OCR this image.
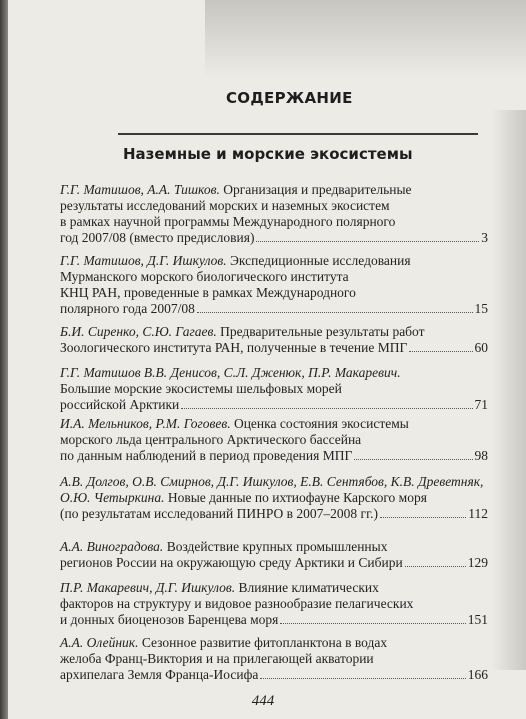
СОДЕРЖАНИЕ
Наземные и морские экосистемы
Г.Г. Матишов, А.А. Тишков. Организация и предварительные
результаты исследований морских и наземных экосистем
в рамках научной программы Международного полярного
год 2007/08 (вместо предисловия)	3
Г.Г. Матишов, Д.Г. Ишкулов. Экспедиционные исследования
Мурманского морского биологического института
КНЦ РАН, проведенные в рамках Международного
полярного года 2007/08	15
Б.И. Сиренко, С.Ю. Гагаев. Предварительные результаты работ
Зоологического института РАН, полученные в течение МПГ	60
Г.Г. Матишов В.В. Денисов, С.Л. Дженюк, П.Р. Макаревич.
Большие морские экосистемы шельфовых морей
российской Арктики	71
И.А. Мельников, Р.М. Гоговев. Оценка состояния экосистемы
морского льда центрального Арктического бассейна
по данным наблюдений в период проведения МПГ	98
А.В. Долгов, О.В. Смирнов, Д.Г. Ишкулов, Е.В. Сентябов, К.В. Древетняк,
О.Ю. Четыркина. Новые данные по ихтиофауне Карского моря
(по результатам исследований ПИНРО в 2007–2008 гг.)	112
А.А. Виноградова. Воздействие крупных промышленных
регионов России на окружающую среду Арктики и Сибири	129
П.Р. Макаревич, Д.Г. Ишкулов. Влияние климатических
факторов на структуру и видовое разнообразие пелагических
и донных биоценозов Баренцева моря	151
А.А. Олейник. Сезонное развитие фитопланктона в водах
желоба Франц-Виктория и на прилегающей акватории
архипелага Земля Франца-Иосифа	166
444
